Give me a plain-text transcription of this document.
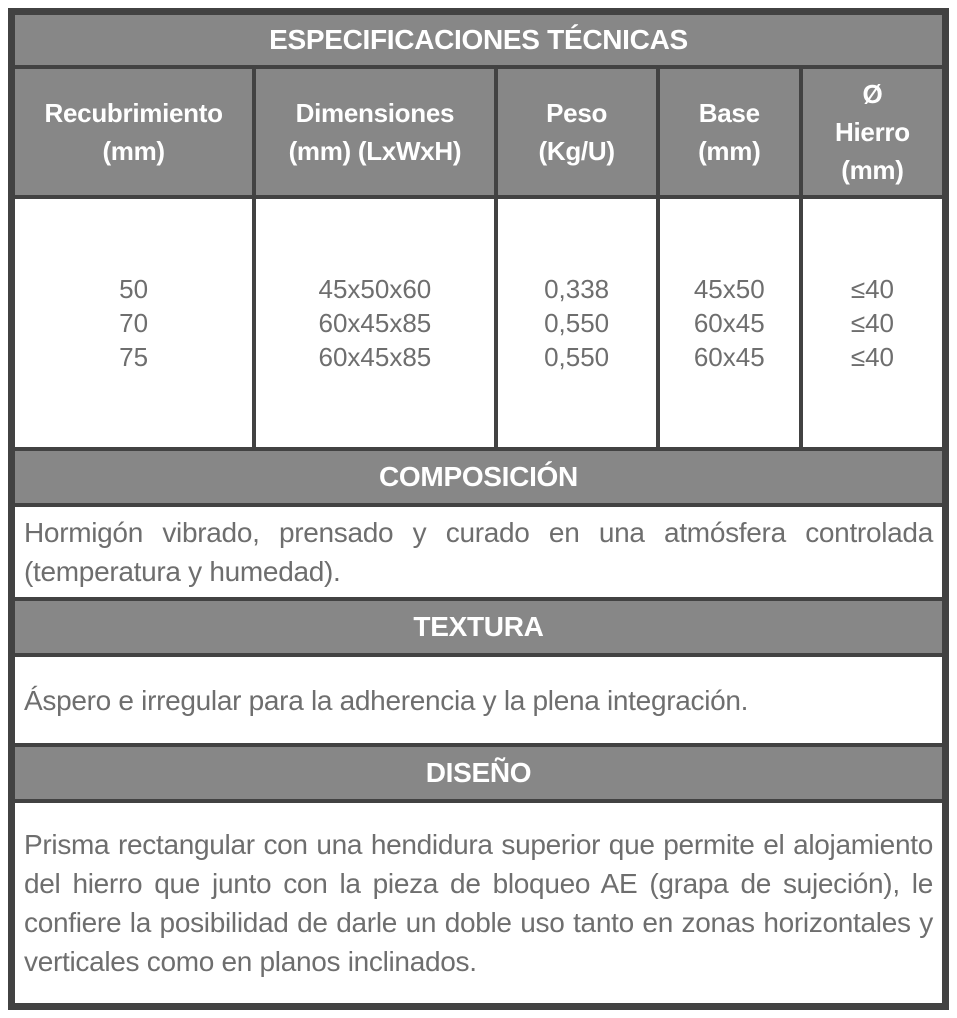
ESPECIFICACIONES TÉCNICAS
Recubrimiento
(mm)
Dimensiones
(mm) (LxWxH)
Peso
(Kg/U)
Base
(mm)
Ø
Hierro
(mm)
50
70
75
45x50x60
60x45x85
60x45x85
0,338
0,550
0,550
45x50
60x45
60x45
≤40
≤40
≤40
COMPOSICIÓN

Hormigón vibrado, prensado y curado en una atmósfera controlada (temperatura y humedad).

TEXTURA

Áspero e irregular para la adherencia y la plena integración.

DISEÑO

Prisma rectangular con una hendidura superior que permite el alojamiento del hierro que junto con la pieza de bloqueo AE (grapa de sujeción), le confiere la posibilidad de darle un doble uso tanto en zonas horizontales y verticales como en planos inclinados.
